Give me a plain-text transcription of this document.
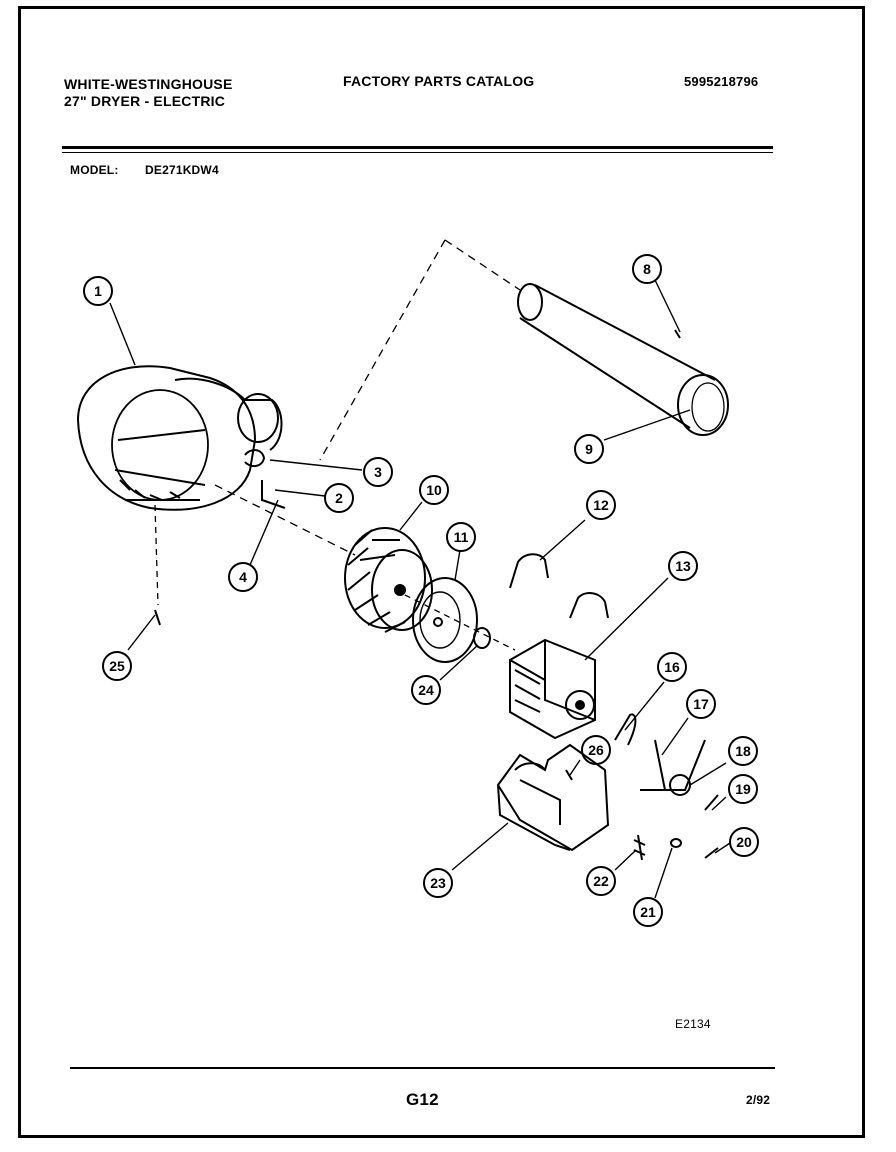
WHITE-WESTINGHOUSE
27" DRYER - ELECTRIC
FACTORY PARTS CATALOG	5995218796
MODEL: DE271KDW4
1
2
3
4
8
9
10
11
12
13
16
17
18
19
20
21
22
23
24
25
26
E2134
G12	2/92
